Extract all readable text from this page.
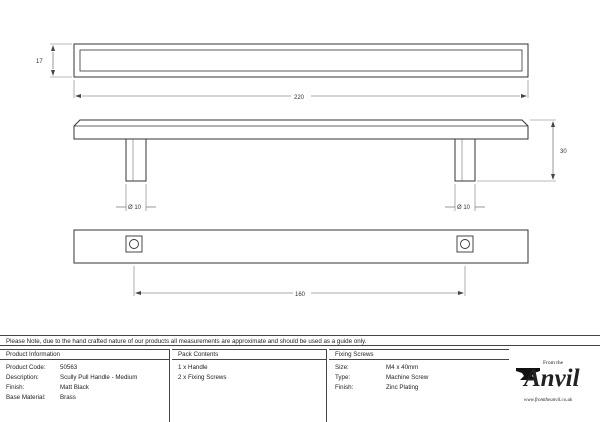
17
220
30
Ø 10	Ø 10
160
Please Note, due to the hand crafted nature of our products all measurements are approximate and should be used as a guide only.
Product Information
Product Code: 50563
Description:	Scully Pull Handle - Medium
Finish:	Matt Black
Base Material: Brass
Pack Contents
1 x Handle
2 x Fixing Screws
Fixing Screws
Size:	M4 x 40mm
Type:	Machine Screw
Finish:	Zinc Plating
From the
Anvil
www.fromtheanvil.co.uk
